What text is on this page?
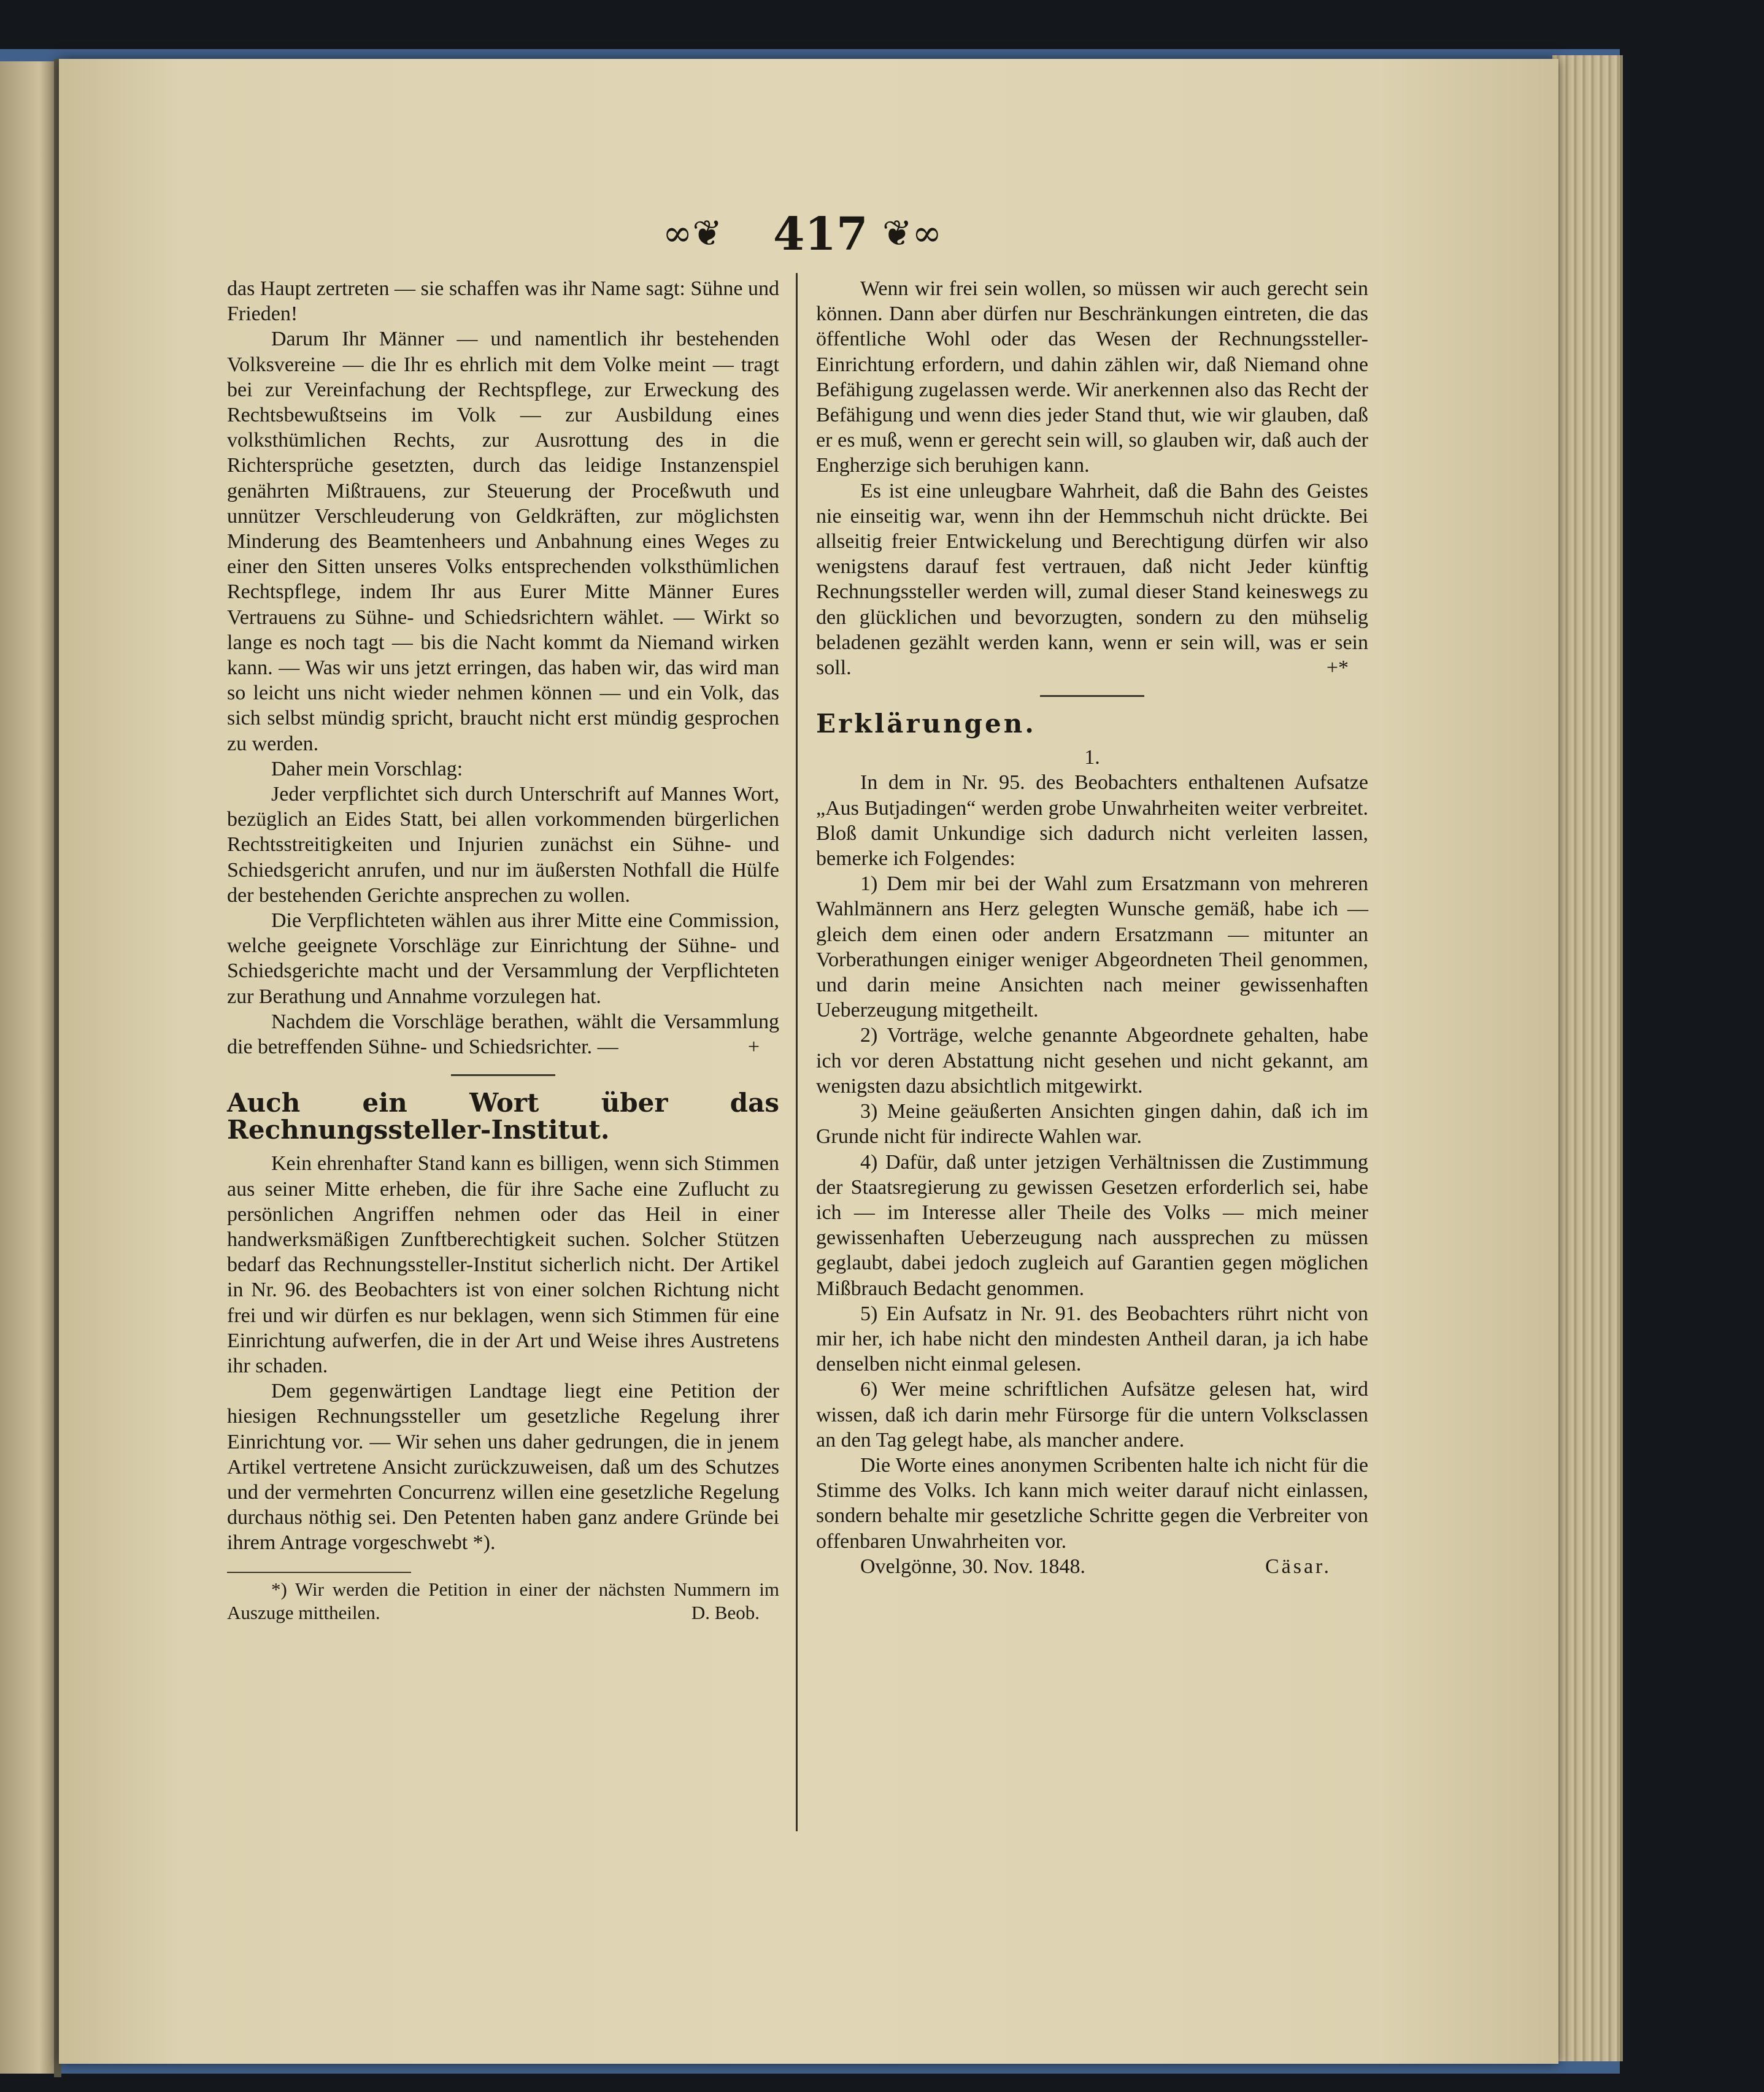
∞❦ 417 ❦∞

das Haupt zertreten — sie schaffen was ihr Name sagt: Sühne und Frieden!

Darum Ihr Männer — und namentlich ihr bestehenden Volksvereine — die Ihr es ehrlich mit dem Volke meint — tragt bei zur Vereinfachung der Rechtspflege, zur Erweckung des Rechtsbewußtseins im Volk — zur Ausbildung eines volksthümlichen Rechts, zur Ausrottung des in die Richtersprüche gesetzten, durch das leidige Instanzenspiel genährten Mißtrauens, zur Steuerung der Proceßwuth und unnützer Verschleuderung von Geldkräften, zur möglichsten Minderung des Beamtenheers und Anbahnung eines Weges zu einer den Sitten unseres Volks entsprechenden volksthümlichen Rechtspflege, indem Ihr aus Eurer Mitte Männer Eures Vertrauens zu Sühne- und Schiedsrichtern wählet. — Wirkt so lange es noch tagt — bis die Nacht kommt da Niemand wirken kann. — Was wir uns jetzt erringen, das haben wir, das wird man so leicht uns nicht wieder nehmen können — und ein Volk, das sich selbst mündig spricht, braucht nicht erst mündig gesprochen zu werden.

Daher mein Vorschlag:

Jeder verpflichtet sich durch Unterschrift auf Mannes Wort, bezüglich an Eides Statt, bei allen vorkommenden bürgerlichen Rechtsstreitigkeiten und Injurien zunächst ein Sühne- und Schiedsgericht anrufen, und nur im äußersten Nothfall die Hülfe der bestehenden Gerichte ansprechen zu wollen.

Die Verpflichteten wählen aus ihrer Mitte eine Commission, welche geeignete Vorschläge zur Einrichtung der Sühne- und Schiedsgerichte macht und der Versammlung der Verpflichteten zur Berathung und Annahme vorzulegen hat.

Nachdem die Vorschläge berathen, wählt die Versammlung die betreffenden Sühne- und Schiedsrichter. —	+

Auch ein Wort über das Rechnungssteller-Institut.

Kein ehrenhafter Stand kann es billigen, wenn sich Stimmen aus seiner Mitte erheben, die für ihre Sache eine Zuflucht zu persönlichen Angriffen nehmen oder das Heil in einer handwerksmäßigen Zunftberechtigkeit suchen. Solcher Stützen bedarf das Rechnungssteller-Institut sicherlich nicht. Der Artikel in Nr. 96. des Beobachters ist von einer solchen Richtung nicht frei und wir dürfen es nur beklagen, wenn sich Stimmen für eine Einrichtung aufwerfen, die in der Art und Weise ihres Austretens ihr schaden.

Dem gegenwärtigen Landtage liegt eine Petition der hiesigen Rechnungssteller um gesetzliche Regelung ihrer Einrichtung vor. — Wir sehen uns daher gedrungen, die in jenem Artikel vertretene Ansicht zurückzuweisen, daß um des Schutzes und der vermehrten Concurrenz willen eine gesetzliche Regelung durchaus nöthig sei. Den Petenten haben ganz andere Gründe bei ihrem Antrage vorgeschwebt *).

*) Wir werden die Petition in einer der nächsten Nummern im Auszuge mittheilen.	D. Beob.

Wenn wir frei sein wollen, so müssen wir auch gerecht sein können. Dann aber dürfen nur Beschränkungen eintreten, die das öffentliche Wohl oder das Wesen der Rechnungssteller-Einrichtung erfordern, und dahin zählen wir, daß Niemand ohne Befähigung zugelassen werde. Wir anerkennen also das Recht der Befähigung und wenn dies jeder Stand thut, wie wir glauben, daß er es muß, wenn er gerecht sein will, so glauben wir, daß auch der Engherzige sich beruhigen kann.

Es ist eine unleugbare Wahrheit, daß die Bahn des Geistes nie einseitig war, wenn ihn der Hemmschuh nicht drückte. Bei allseitig freier Entwickelung und Berechtigung dürfen wir also wenigstens darauf fest vertrauen, daß nicht Jeder künftig Rechnungssteller werden will, zumal dieser Stand keineswegs zu den glücklichen und bevorzugten, sondern zu den mühselig beladenen gezählt werden kann, wenn er sein will, was er sein soll.	+*

Erklärungen.

1.

In dem in Nr. 95. des Beobachters enthaltenen Aufsatze „Aus Butjadingen“ werden grobe Unwahrheiten weiter verbreitet. Bloß damit Unkundige sich dadurch nicht verleiten lassen, bemerke ich Folgendes:

1) Dem mir bei der Wahl zum Ersatzmann von mehreren Wahlmännern ans Herz gelegten Wunsche gemäß, habe ich — gleich dem einen oder andern Ersatzmann — mitunter an Vorberathungen einiger weniger Abgeordneten Theil genommen, und darin meine Ansichten nach meiner gewissenhaften Ueberzeugung mitgetheilt.

2) Vorträge, welche genannte Abgeordnete gehalten, habe ich vor deren Abstattung nicht gesehen und nicht gekannt, am wenigsten dazu absichtlich mitgewirkt.

3) Meine geäußerten Ansichten gingen dahin, daß ich im Grunde nicht für indirecte Wahlen war.

4) Dafür, daß unter jetzigen Verhältnissen die Zustimmung der Staatsregierung zu gewissen Gesetzen erforderlich sei, habe ich — im Interesse aller Theile des Volks — mich meiner gewissenhaften Ueberzeugung nach aussprechen zu müssen geglaubt, dabei jedoch zugleich auf Garantien gegen möglichen Mißbrauch Bedacht genommen.

5) Ein Aufsatz in Nr. 91. des Beobachters rührt nicht von mir her, ich habe nicht den mindesten Antheil daran, ja ich habe denselben nicht einmal gelesen.

6) Wer meine schriftlichen Aufsätze gelesen hat, wird wissen, daß ich darin mehr Fürsorge für die untern Volksclassen an den Tag gelegt habe, als mancher andere.

Die Worte eines anonymen Scribenten halte ich nicht für die Stimme des Volks. Ich kann mich weiter darauf nicht einlassen, sondern behalte mir gesetzliche Schritte gegen die Verbreiter von offenbaren Unwahrheiten vor.

Ovelgönne, 30. Nov. 1848.	Cäsar.
